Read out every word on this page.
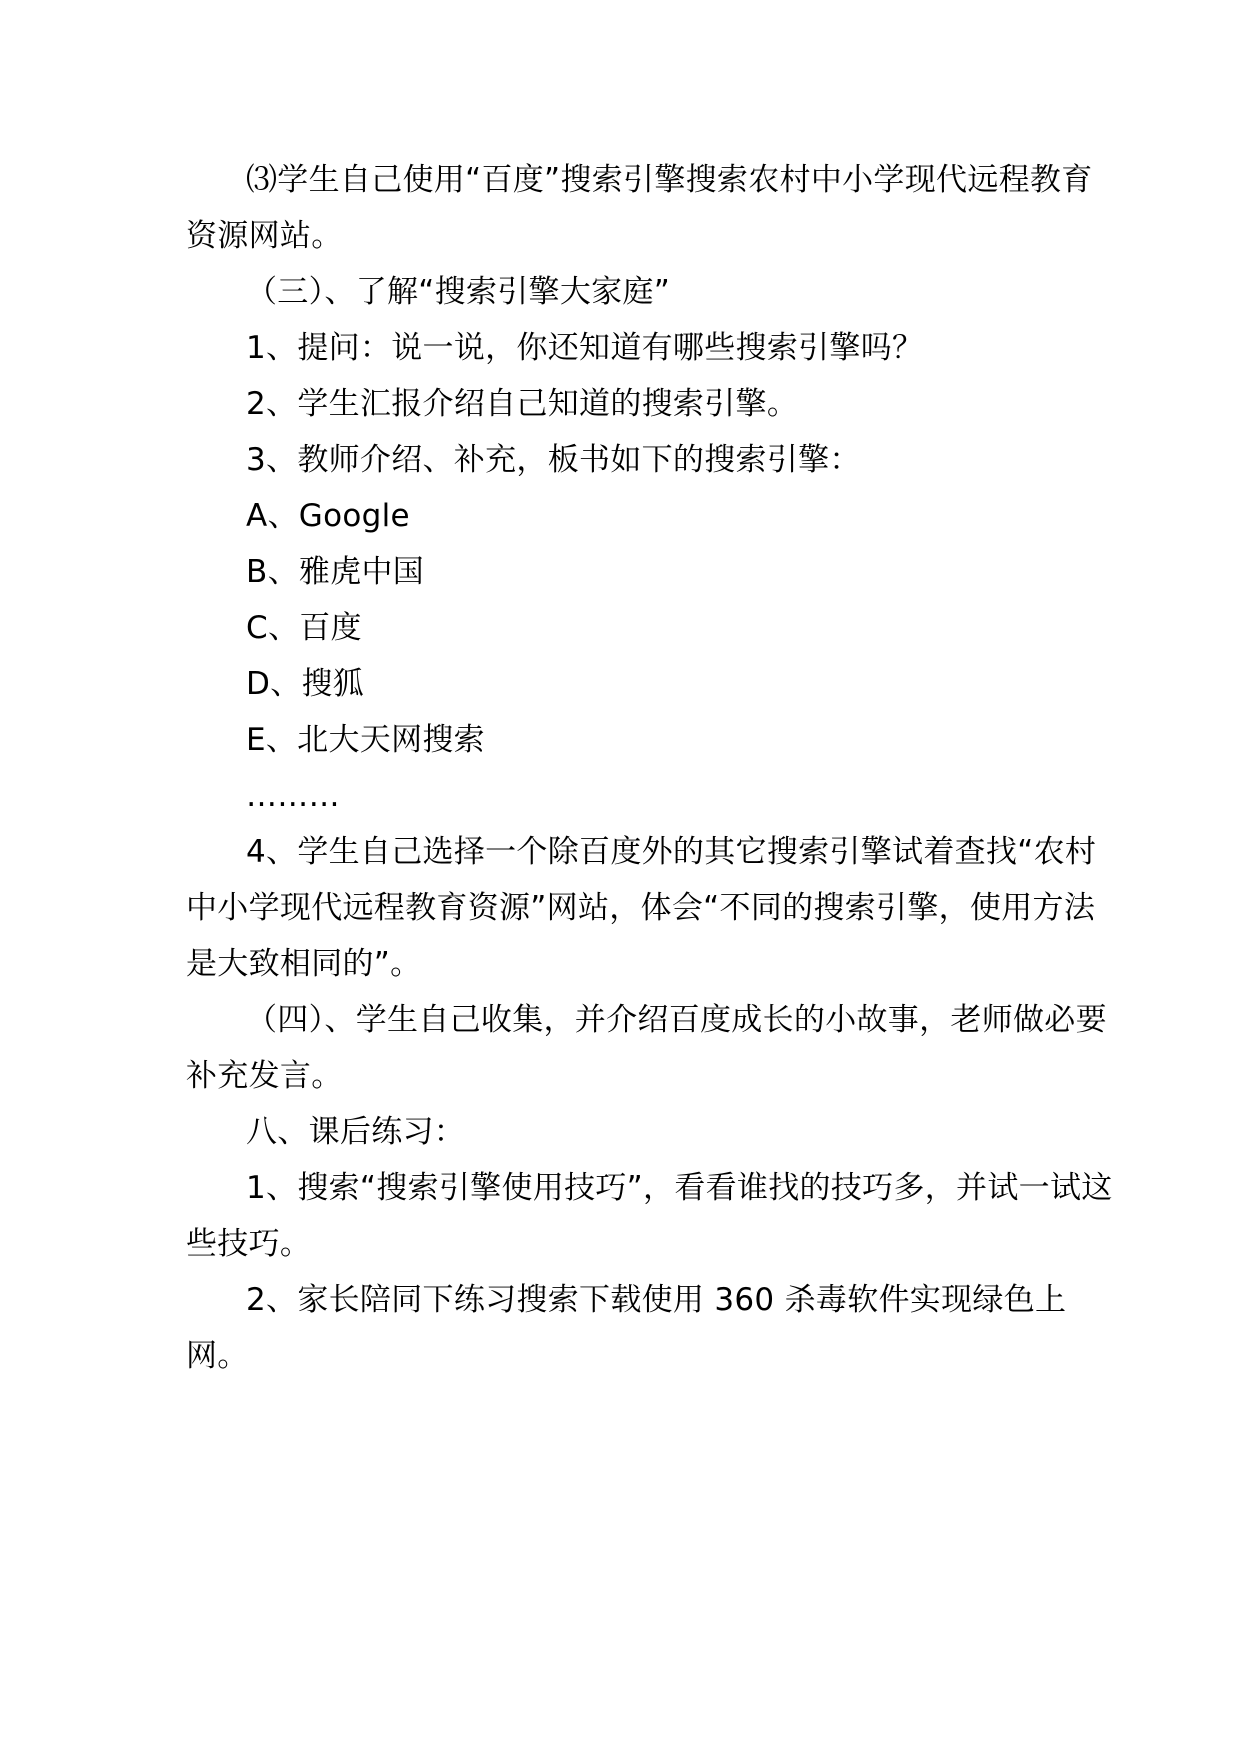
⑶学生自己使用“百度”搜索引擎搜索农村中小学现代远程教育资源网站。

（三）、了解“搜索引擎大家庭”

1、提问：说一说，你还知道有哪些搜索引擎吗？

2、学生汇报介绍自己知道的搜索引擎。

3、教师介绍、补充，板书如下的搜索引擎：

A、Google

B、雅虎中国

C、百度

D、搜狐

E、北大天网搜索

………

4、学生自己选择一个除百度外的其它搜索引擎试着查找“农村中小学现代远程教育资源”网站，体会“不同的搜索引擎，使用方法是大致相同的”。

（四）、学生自己收集，并介绍百度成长的小故事，老师做必要补充发言。

八、课后练习：

1、搜索“搜索引擎使用技巧”，看看谁找的技巧多，并试一试这些技巧。

2、家长陪同下练习搜索下载使用 360 杀毒软件实现绿色上网。
